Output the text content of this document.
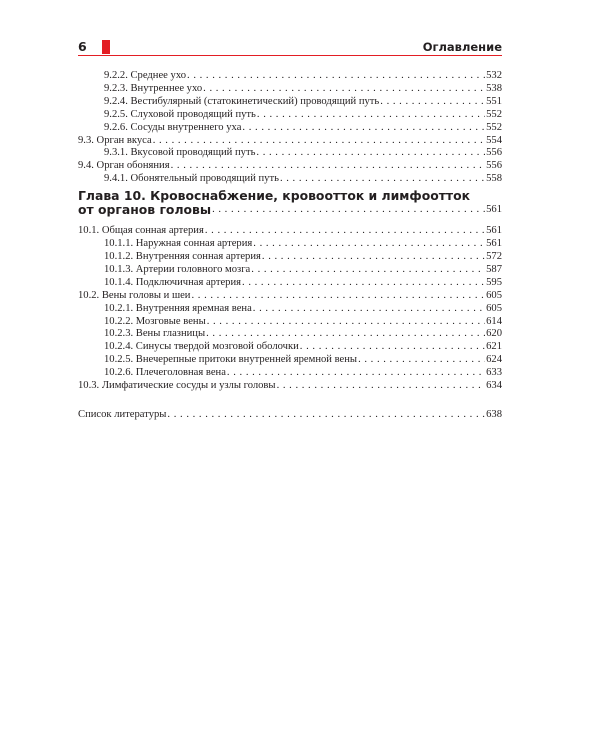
6	Оглавление
9.2.2. Среднее ухо . . .	532
9.2.3. Внутреннее ухо . . .	538
9.2.4. Вестибулярный (статокинетический) проводящий путь . . .	551
9.2.5. Слуховой проводящий путь . . .	552
9.2.6. Сосуды внутреннего уха . . .	552
9.3. Орган вкуса . . .	554
9.3.1. Вкусовой проводящий путь . . .	556
9.4. Орган обоняния . . .	556
9.4.1. Обонятельный проводящий путь . . .	558
Глава 10. Кровоснабжение, кровоотток и лимфоотток
от органов головы . . .	561
10.1. Общая сонная артерия . . .	561
10.1.1. Наружная сонная артерия . . .	561
10.1.2. Внутренняя сонная артерия . . .	572
10.1.3. Артерии головного мозга . . .	587
10.1.4. Подключичная артерия . . .	595
10.2. Вены головы и шеи . . .	605
10.2.1. Внутренняя яремная вена . . .	605
10.2.2. Мозговые вены . . .	614
10.2.3. Вены глазницы . . .	620
10.2.4. Синусы твердой мозговой оболочки . . .	621
10.2.5. Внечерепные притоки внутренней яремной вены . . .	624
10.2.6. Плечеголовная вена . . .	633
10.3. Лимфатические сосуды и узлы головы . . .	634
Список литературы . . .	638
